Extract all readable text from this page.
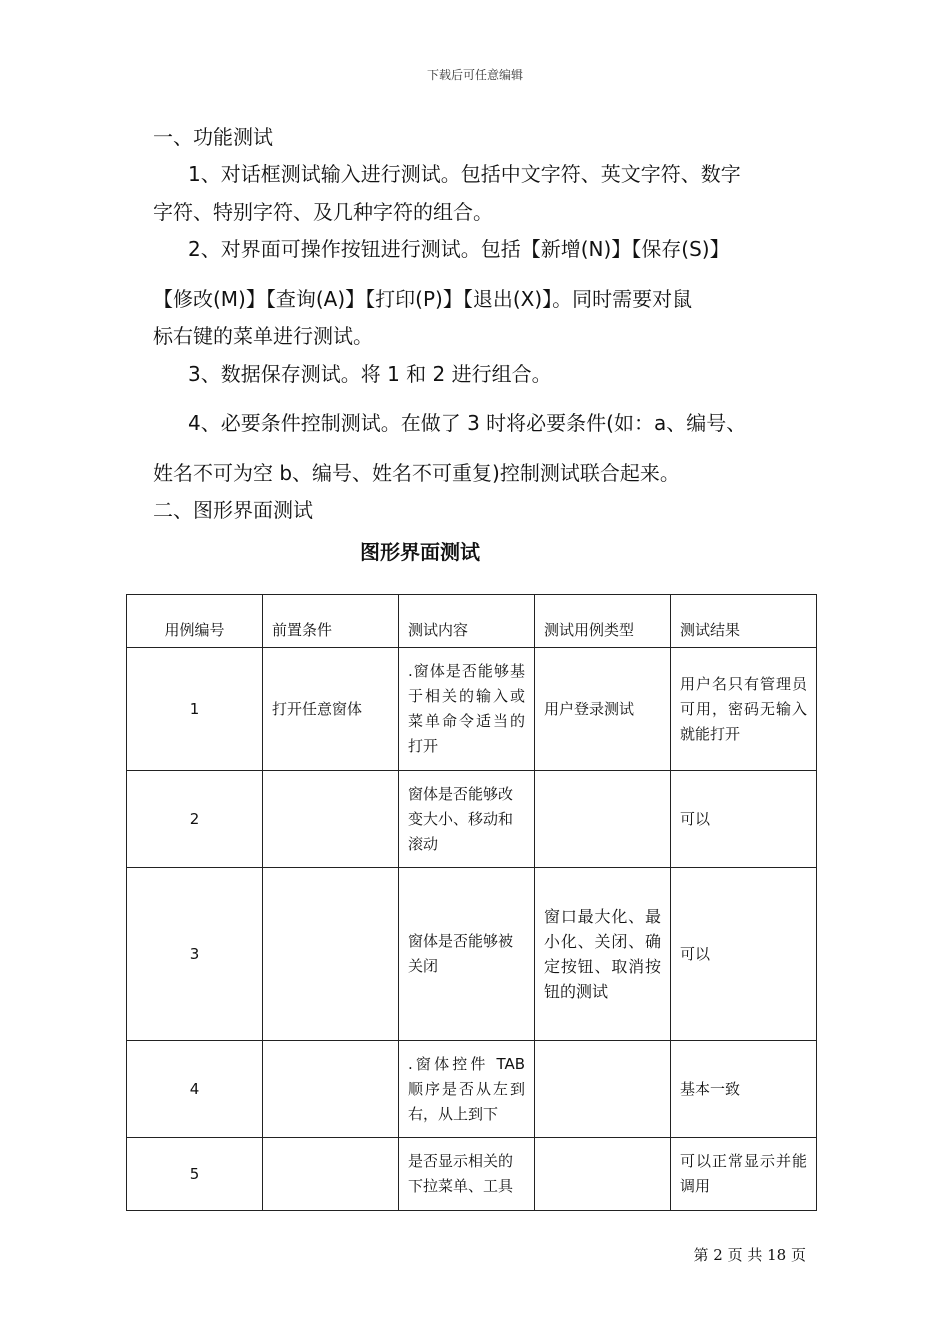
下载后可任意编辑
一、功能测试
1、对话框测试输入进行测试。包括中文字符、英文字符、数字
字符、特别字符、及几种字符的组合。
2、对界面可操作按钮进行测试。包括【新增(N)】【保存(S)】
【修改(M)】【查询(A)】【打印(P)】【退出(X)】。同时需要对鼠
标右键的菜单进行测试。
3、数据保存测试。将 1 和 2 进行组合。
4、必要条件控制测试。在做了 3 时将必要条件(如：a、编号、
姓名不可为空 b、编号、姓名不可重复)控制测试联合起来。
二、图形界面测试
图形界面测试
用例编号	前置条件	测试内容	测试用例类型	测试结果
1	打开任意窗体	.窗体是否能够基于相关的输入或菜单命令适当的打开	用户登录测试	用户名只有管理员可用，密码无输入就能打开
2		窗体是否能够改变大小、移动和滚动		可以
3		窗体是否能够被关闭	窗口最大化、最小化、关闭、确定按钮、取消按钮的测试	可以
4		.窗体控件 TAB 顺序是否从左到右，从上到下		基本一致
5		是否显示相关的下拉菜单、工具		可以正常显示并能调用
第 2 页 共 18 页
